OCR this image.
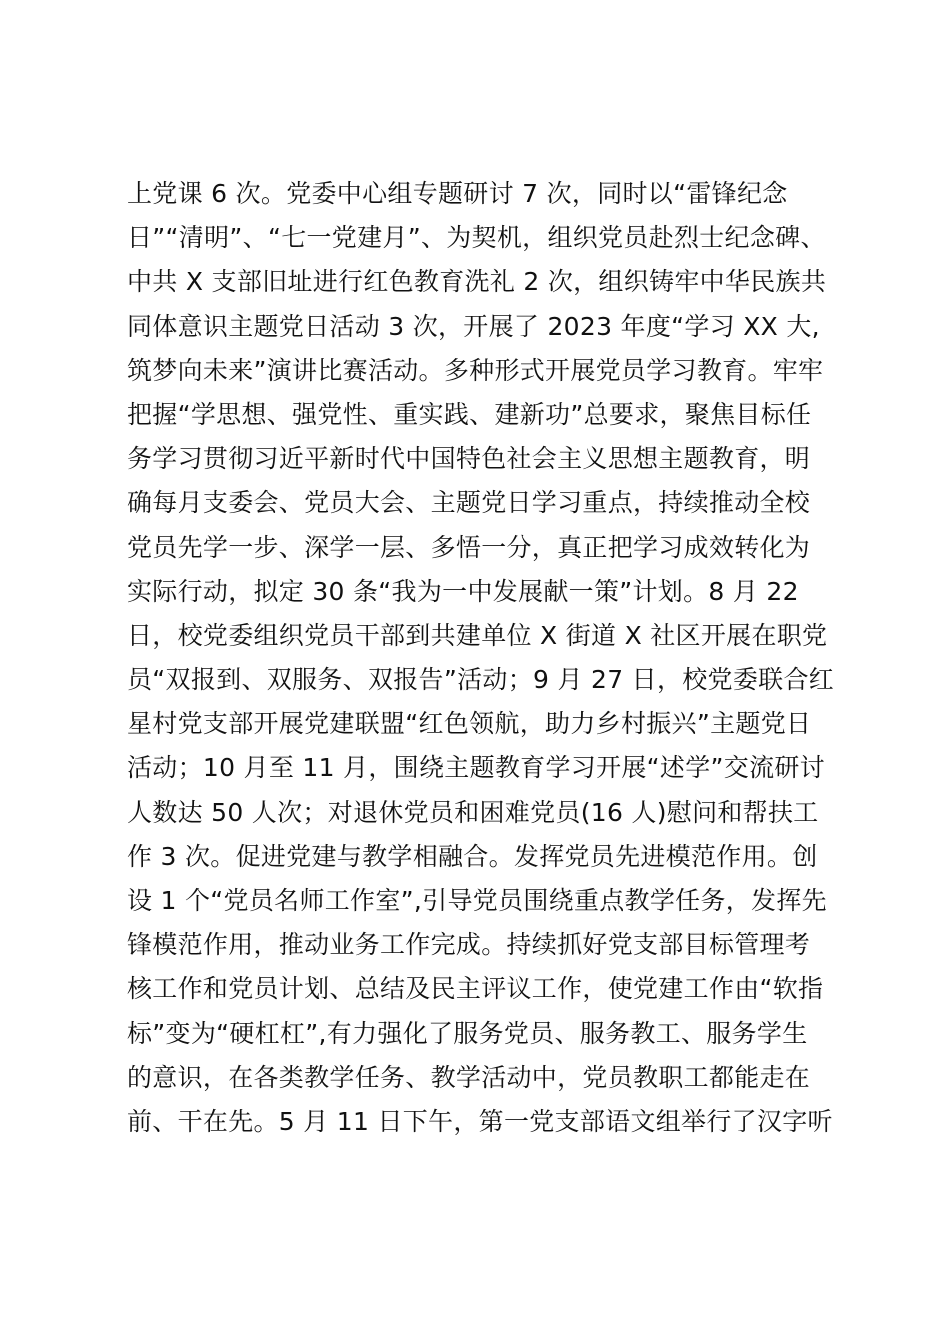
上党课 6 次。党委中心组专题研讨 7 次，同时以“雷锋纪念
日”“清明”、“七一党建月”、为契机，组织党员赴烈士纪念碑、
中共 X 支部旧址进行红色教育洗礼 2 次，组织铸牢中华民族共
同体意识主题党日活动 3 次，开展了 2023 年度“学习 XX 大,
筑梦向未来”演讲比赛活动。多种形式开展党员学习教育。牢牢
把握“学思想、强党性、重实践、建新功”总要求，聚焦目标任
务学习贯彻习近平新时代中国特色社会主义思想主题教育，明
确每月支委会、党员大会、主题党日学习重点，持续推动全校
党员先学一步、深学一层、多悟一分，真正把学习成效转化为
实际行动，拟定 30 条“我为一中发展献一策”计划。8 月 22
日，校党委组织党员干部到共建单位 X 街道 X 社区开展在职党
员“双报到、双服务、双报告”活动；9 月 27 日，校党委联合红
星村党支部开展党建联盟“红色领航，助力乡村振兴”主题党日
活动；10 月至 11 月，围绕主题教育学习开展“述学”交流研讨
人数达 50 人次；对退休党员和困难党员(16 人)慰问和帮扶工
作 3 次。促进党建与教学相融合。发挥党员先进模范作用。创
设 1 个“党员名师工作室”,引导党员围绕重点教学任务，发挥先
锋模范作用，推动业务工作完成。持续抓好党支部目标管理考
核工作和党员计划、总结及民主评议工作，使党建工作由“软指
标”变为“硬杠杠”,有力强化了服务党员、服务教工、服务学生
的意识，在各类教学任务、教学活动中，党员教职工都能走在
前、干在先。5 月 11 日下午，第一党支部语文组举行了汉字听
